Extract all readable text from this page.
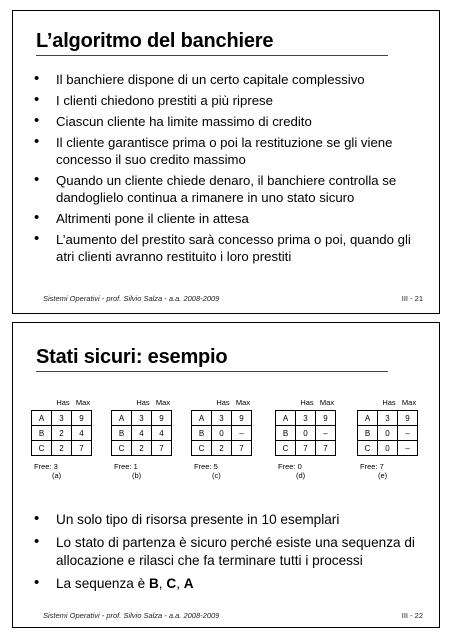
L’algoritmo del banchiere
• Il banchiere dispone di un certo capitale complessivo
• I clienti chiedono prestiti a più riprese
• Ciascun cliente ha limite massimo di credito
• Il cliente garantisce prima o poi la restituzione se gli viene concesso il suo credito massimo
• Quando un cliente chiede denaro, il banchiere controlla se dandoglielo continua a rimanere in uno stato sicuro
• Altrimenti pone il cliente in attesa
• L’aumento del prestito sarà concesso prima o poi, quando gli atri clienti avranno restituito i loro prestiti
Sistemi Operativi - prof. Silvio Salza - a.a. 2008-2009	III - 21
Stati sicuri: esempio
Has Max
A	3	9
B	2	4
C	2	7
Free: 3
(a)
Has Max
A	3	9
B	4	4
C	2	7
Free: 1
(b)
Has Max
A	3	9
B	0	–
C	2	7
Free: 5
(c)
Has Max
A	3	9
B	0	–
C	7	7
Free: 0
(d)
Has Max
A	3	9
B	0	–
C	0	–
Free: 7
(e)
• Un solo tipo di risorsa presente in 10 esemplari
• Lo stato di partenza è sicuro perché esiste una sequenza di allocazione e rilasci che fa terminare tutti i processi
• La sequenza è B, C, A
Sistemi Operativi - prof. Silvio Salza - a.a. 2008-2009	III - 22
